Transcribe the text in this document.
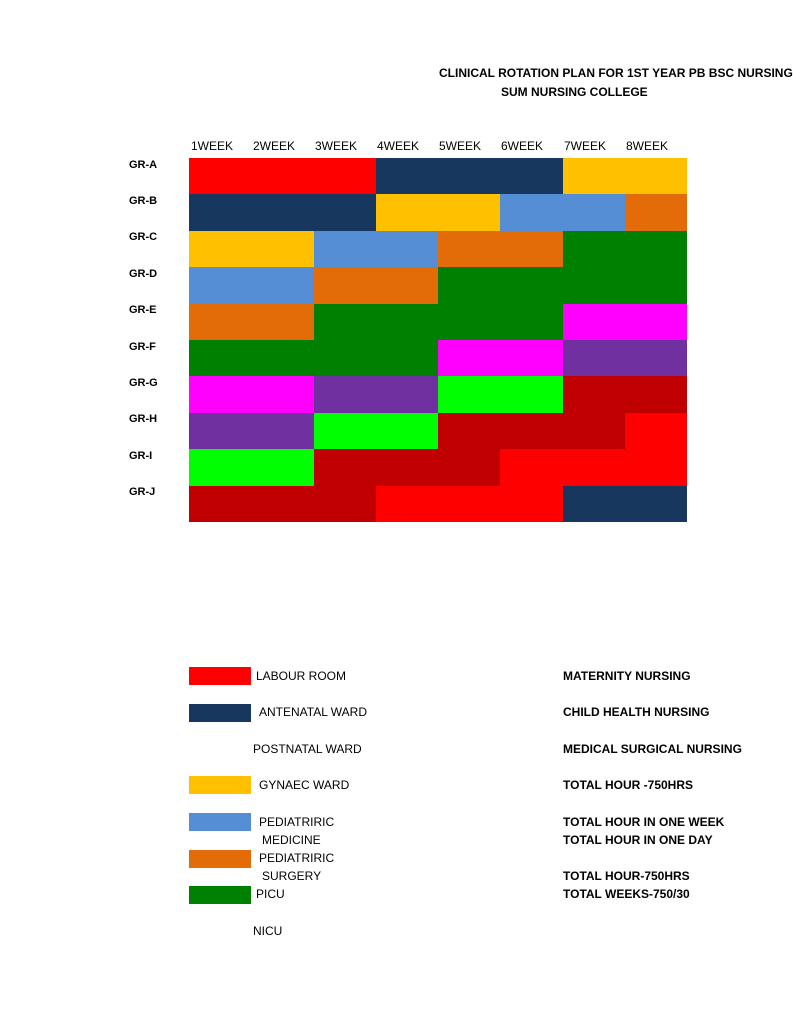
CLINICAL ROTATION PLAN FOR 1ST YEAR PB BSC NURSING
SUM NURSING COLLEGE
1WEEK 2WEEK 3WEEK 4WEEK 5WEEK 6WEEK 7WEEK 8WEEK
GR-A
GR-B
GR-C
GR-D
GR-E
GR-F
GR-G
GR-H
GR-I
GR-J
LABOUR ROOM
ANTENATAL WARD
POSTNATAL WARD
GYNAEC WARD
PEDIATRIRIC
MEDICINE
PEDIATRIRIC
SURGERY
PICU
NICU
MATERNITY NURSING
CHILD HEALTH NURSING
MEDICAL SURGICAL NURSING
TOTAL HOUR -750HRS
TOTAL HOUR IN ONE WEEK
TOTAL HOUR IN ONE DAY
TOTAL HOUR-750HRS
TOTAL WEEKS-750/30
